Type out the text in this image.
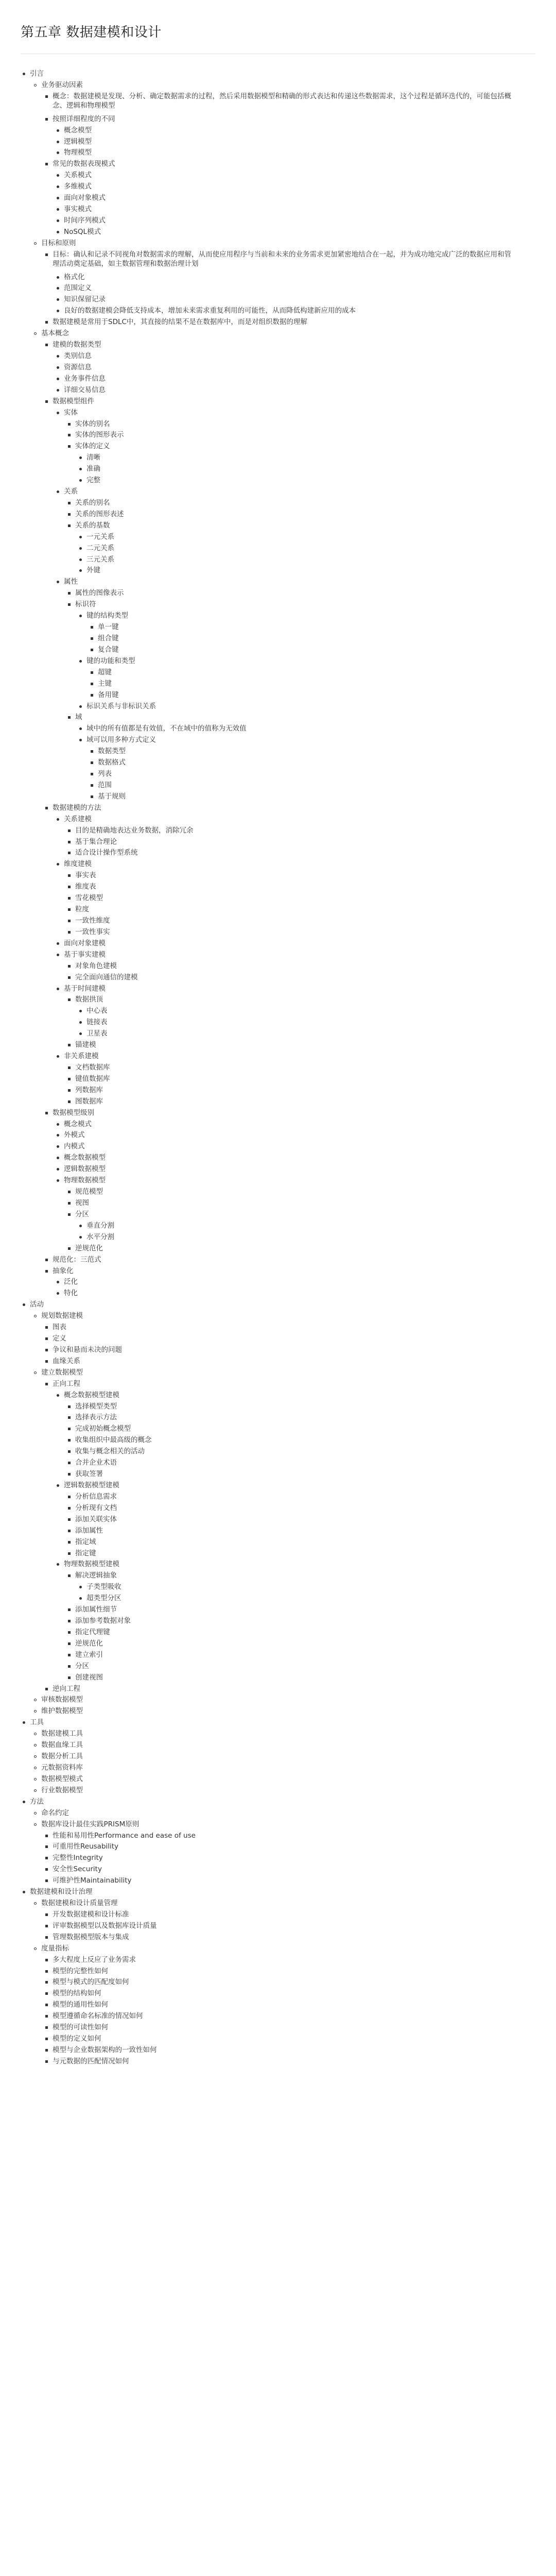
第五章 数据建模和设计
引言
业务驱动因素
概念：数据建模是发现、分析、确定数据需求的过程，然后采用数据模型和精确的形式表达和传递这些数据需求，这个过程是循环迭代的，可能包括概念、逻辑和物理模型
按照详细程度的不同
概念模型
逻辑模型
物理模型
常见的数据表现模式
关系模式
多维模式
面向对象模式
事实模式
时间序列模式
NoSQL模式
目标和原则
目标：确认和记录不同视角对数据需求的理解，从而使应用程序与当前和未来的业务需求更加紧密地结合在一起，并为成功地完成广泛的数据应用和管理活动奠定基础，如主数据管理和数据治理计划
格式化
范围定义
知识保留记录
良好的数据建模会降低支持成本，增加未来需求重复利用的可能性，从而降低构建新应用的成本
数据建模是常用于SDLC中，其直接的结果不是在数据库中，而是对组织数据的理解
基本概念
建模的数据类型
类别信息
资源信息
业务事件信息
详细交易信息
数据模型组件
实体
实体的别名
实体的图形表示
实体的定义
清晰
准确
完整
关系
关系的别名
关系的图形表述
关系的基数
一元关系
二元关系
三元关系
外键
属性
属性的图像表示
标识符
键的结构类型
单一键
组合键
复合键
键的功能和类型
超键
主键
备用键
标识关系与非标识关系
域
域中的所有值都是有效值，不在域中的值称为无效值
域可以用多种方式定义
数据类型
数据格式
列表
范围
基于规则
数据建模的方法
关系建模
目的是精确地表达业务数据，消除冗余
基于集合理论
适合设计操作型系统
维度建模
事实表
维度表
雪花模型
粒度
一致性维度
一致性事实
面向对象建模
基于事实建模
对象角色建模
完全面向通信的建模
基于时间建模
数据拱顶
中心表
链接表
卫星表
锚建模
非关系建模
文档数据库
键值数据库
列数据库
图数据库
数据模型级别
概念模式
外模式
内模式
概念数据模型
逻辑数据模型
物理数据模型
规范模型
视图
分区
垂直分割
水平分割
逆规范化
规范化：三范式
抽象化
泛化
特化
活动
规划数据建模
图表
定义
争议和悬而未决的问题
血缘关系
建立数据模型
正向工程
概念数据模型建模
选择模型类型
选择表示方法
完成初始概念模型
收集组织中最高级的概念
收集与概念相关的活动
合并企业术语
获取签署
逻辑数据模型建模
分析信息需求
分析现有文档
添加关联实体
添加属性
指定域
指定键
物理数据模型建模
解决逻辑抽象
子类型吸收
超类型分区
添加属性细节
添加参考数据对象
指定代理键
逆规范化
建立索引
分区
创建视图
逆向工程
审核数据模型
维护数据模型
工具
数据建模工具
数据血缘工具
数据分析工具
元数据资料库
数据模型模式
行业数据模型
方法
命名约定
数据库设计最佳实践PRISM原则
性能和易用性Performance and ease of use
可重用性Reusability
完整性Integrity
安全性Security
可维护性Maintainability
数据建模和设计治理
数据建模和设计质量管理
开发数据建模和设计标准
评审数据模型以及数据库设计质量
管理数据模型版本与集成
度量指标
多大程度上反应了业务需求
模型的完整性如何
模型与模式的匹配度如何
模型的结构如何
模型的通用性如何
模型遵循命名标准的情况如何
模型的可读性如何
模型的定义如何
模型与企业数据架构的一致性如何
与元数据的匹配情况如何
